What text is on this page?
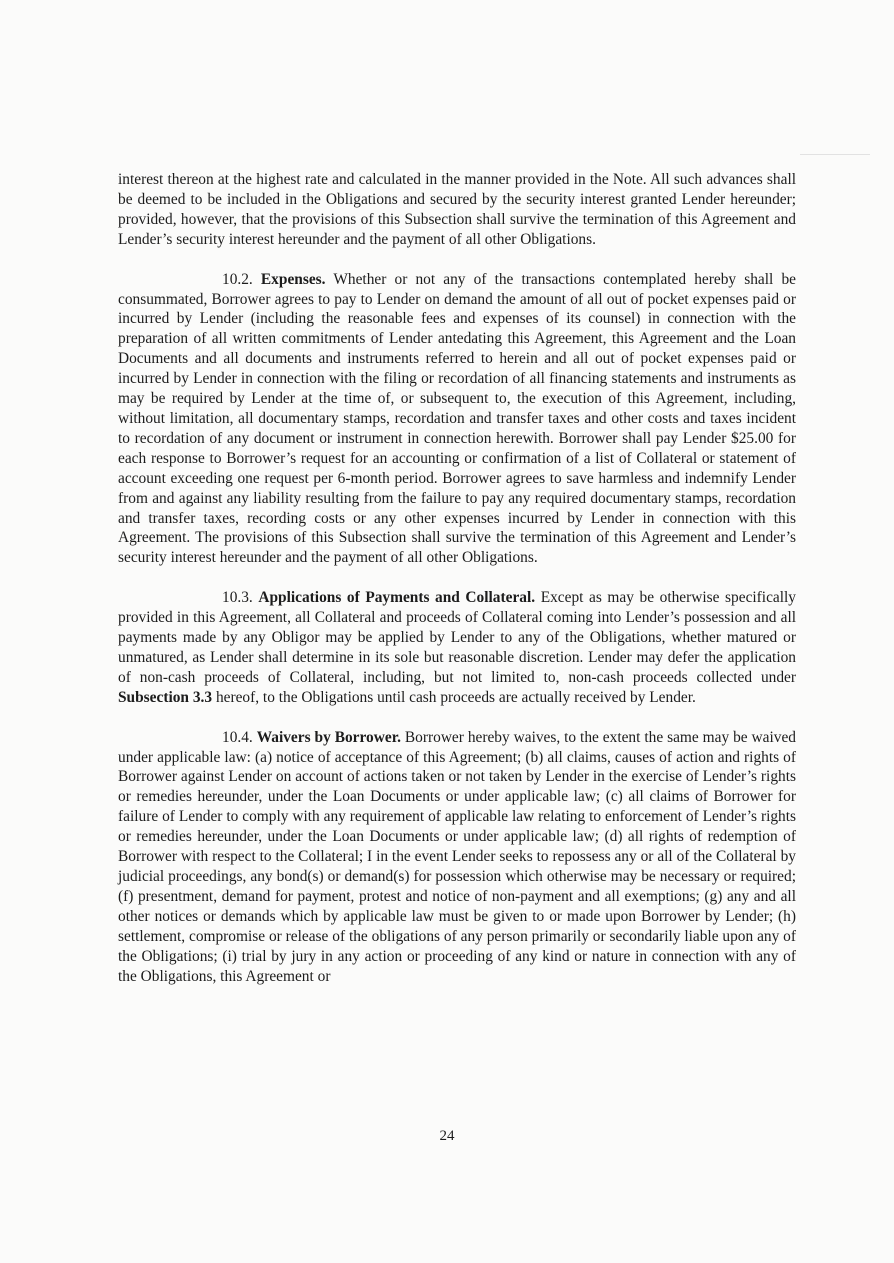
interest thereon at the highest rate and calculated in the manner provided in the Note. All such advances shall be deemed to be included in the Obligations and secured by the security interest granted Lender hereunder; provided, however, that the provisions of this Subsection shall survive the termination of this Agreement and Lender’s security interest hereunder and the payment of all other Obligations.

10.2. Expenses. Whether or not any of the transactions contemplated hereby shall be consummated, Borrower agrees to pay to Lender on demand the amount of all out of pocket expenses paid or incurred by Lender (including the reasonable fees and expenses of its counsel) in connection with the preparation of all written commitments of Lender antedating this Agreement, this Agreement and the Loan Documents and all documents and instruments referred to herein and all out of pocket expenses paid or incurred by Lender in connection with the filing or recordation of all financing statements and instruments as may be required by Lender at the time of, or subsequent to, the execution of this Agreement, including, without limitation, all documentary stamps, recordation and transfer taxes and other costs and taxes incident to recordation of any document or instrument in connection herewith. Borrower shall pay Lender $25.00 for each response to Borrower’s request for an accounting or confirmation of a list of Collateral or statement of account exceeding one request per 6-month period. Borrower agrees to save harmless and indemnify Lender from and against any liability resulting from the failure to pay any required documentary stamps, recordation and transfer taxes, recording costs or any other expenses incurred by Lender in connection with this Agreement. The provisions of this Subsection shall survive the termination of this Agreement and Lender’s security interest hereunder and the payment of all other Obligations.

10.3. Applications of Payments and Collateral. Except as may be otherwise specifically provided in this Agreement, all Collateral and proceeds of Collateral coming into Lender’s possession and all payments made by any Obligor may be applied by Lender to any of the Obligations, whether matured or unmatured, as Lender shall determine in its sole but reasonable discretion. Lender may defer the application of non-cash proceeds of Collateral, including, but not limited to, non-cash proceeds collected under Subsection 3.3 hereof, to the Obligations until cash proceeds are actually received by Lender.

10.4. Waivers by Borrower. Borrower hereby waives, to the extent the same may be waived under applicable law: (a) notice of acceptance of this Agreement; (b) all claims, causes of action and rights of Borrower against Lender on account of actions taken or not taken by Lender in the exercise of Lender’s rights or remedies hereunder, under the Loan Documents or under applicable law; (c) all claims of Borrower for failure of Lender to comply with any requirement of applicable law relating to enforcement of Lender’s rights or remedies hereunder, under the Loan Documents or under applicable law; (d) all rights of redemption of Borrower with respect to the Collateral; I in the event Lender seeks to repossess any or all of the Collateral by judicial proceedings, any bond(s) or demand(s) for possession which otherwise may be necessary or required; (f) presentment, demand for payment, protest and notice of non-payment and all exemptions; (g) any and all other notices or demands which by applicable law must be given to or made upon Borrower by Lender; (h) settlement, compromise or release of the obligations of any person primarily or secondarily liable upon any of the Obligations; (i) trial by jury in any action or proceeding of any kind or nature in connection with any of the Obligations, this Agreement or

24
